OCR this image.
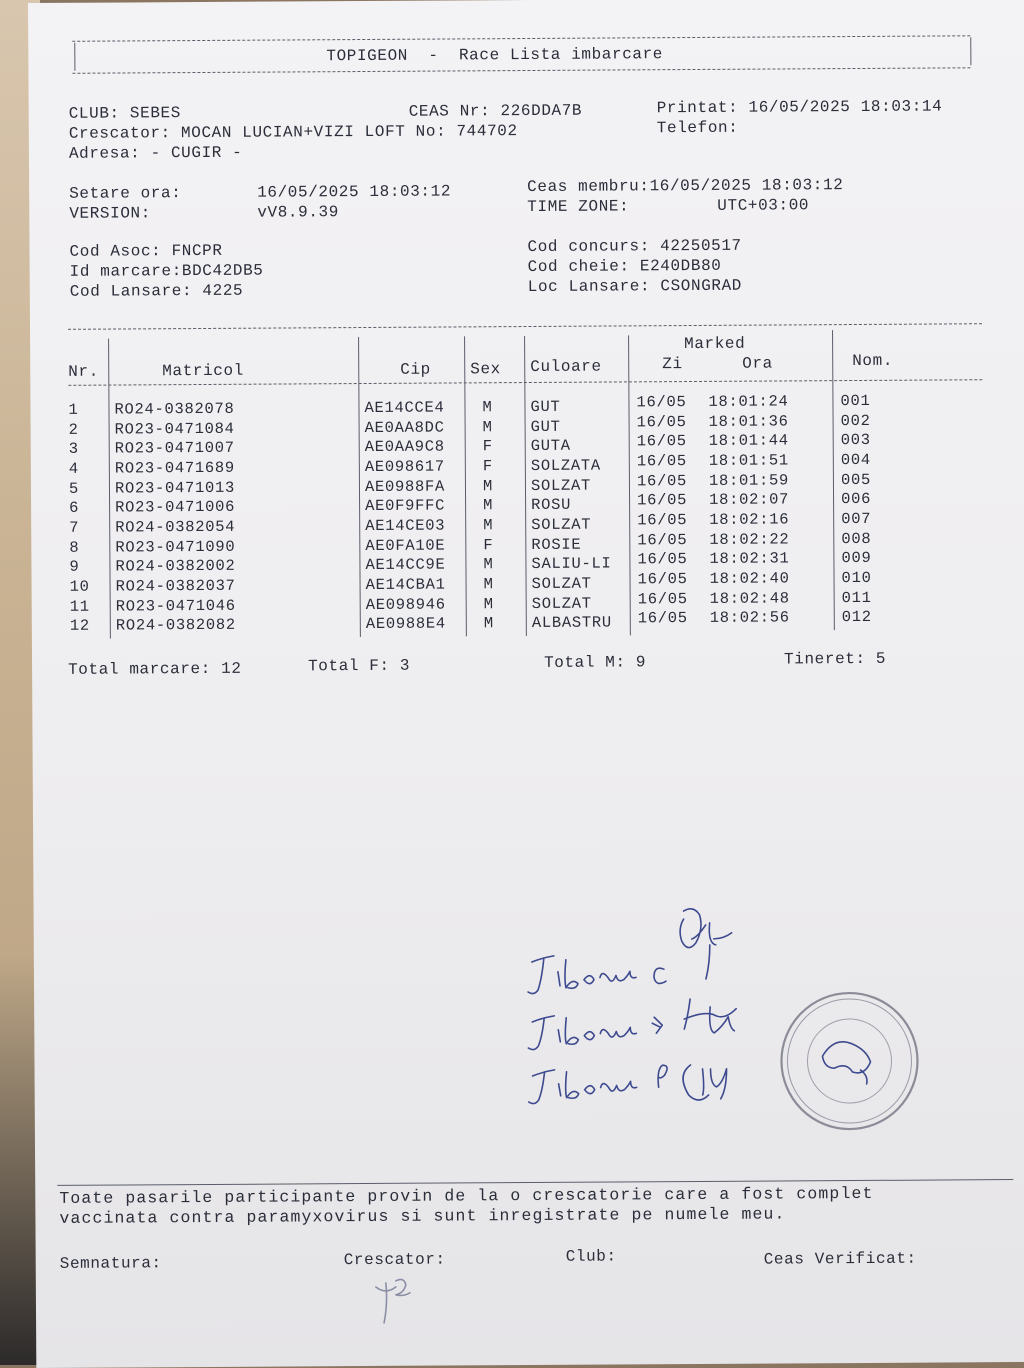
TOPIGEON  -  Race Lista imbarcare
CLUB: SEBES	CEAS Nr: 226DDA7B	Printat: 16/05/2025 18:03:14
Crescator: MOCAN LUCIAN+VIZI LOFT No: 744702	Telefon:
Adresa: - CUGIR -
Setare ora:	16/05/2025 18:03:12	Ceas membru:16/05/2025 18:03:12
VERSION:	vV8.9.39	TIME ZONE:	UTC+03:00
Cod Asoc: FNCPR
Id marcare:BDC42DB5
Cod Lansare: 4225
Cod concurs: 42250517
Cod cheie: E240DB80
Loc Lansare: CSONGRAD
Nr.	Matricol	Cip Sex Culoare
Marked
Zi	Ora	Nom.
1 RO24-0382078	AE14CCE4 M GUT	16/05 18:01:24	001
2 RO23-0471084	AE0AA8DC M GUT	16/05 18:01:36	002
3 RO23-0471007	AE0AA9C8 F GUTA	16/05 18:01:44	003
4 RO23-0471689	AE098617 F SOLZATA 16/05 18:01:51	004
5 RO23-0471013	AE0988FA M SOLZAT	16/05 18:01:59	005
6 RO23-0471006	AE0F9FFC M ROSU	16/05 18:02:07	006
7 RO24-0382054	AE14CE03 M SOLZAT	16/05 18:02:16	007
8 RO23-0471090	AE0FA10E F ROSIE	16/05 18:02:22	008
9 RO24-0382002	AE14CC9E M SALIU-LI 16/05 18:02:31	009
10 RO24-0382037	AE14CBA1 M SOLZAT	16/05 18:02:40	010
11 RO23-0471046	AE098946 M SOLZAT	16/05 18:02:48	011
12 RO24-0382082	AE0988E4 M ALBASTRU 16/05 18:02:56	012
Total marcare: 12	Total F: 3	Total M: 9	Tineret: 5
Toate pasarile participante provin de la o crescatorie care a fost complet
vaccinata contra paramyxovirus si sunt inregistrate pe numele meu.
Semnatura:	Crescator:	Club:	Ceas Verificat:
